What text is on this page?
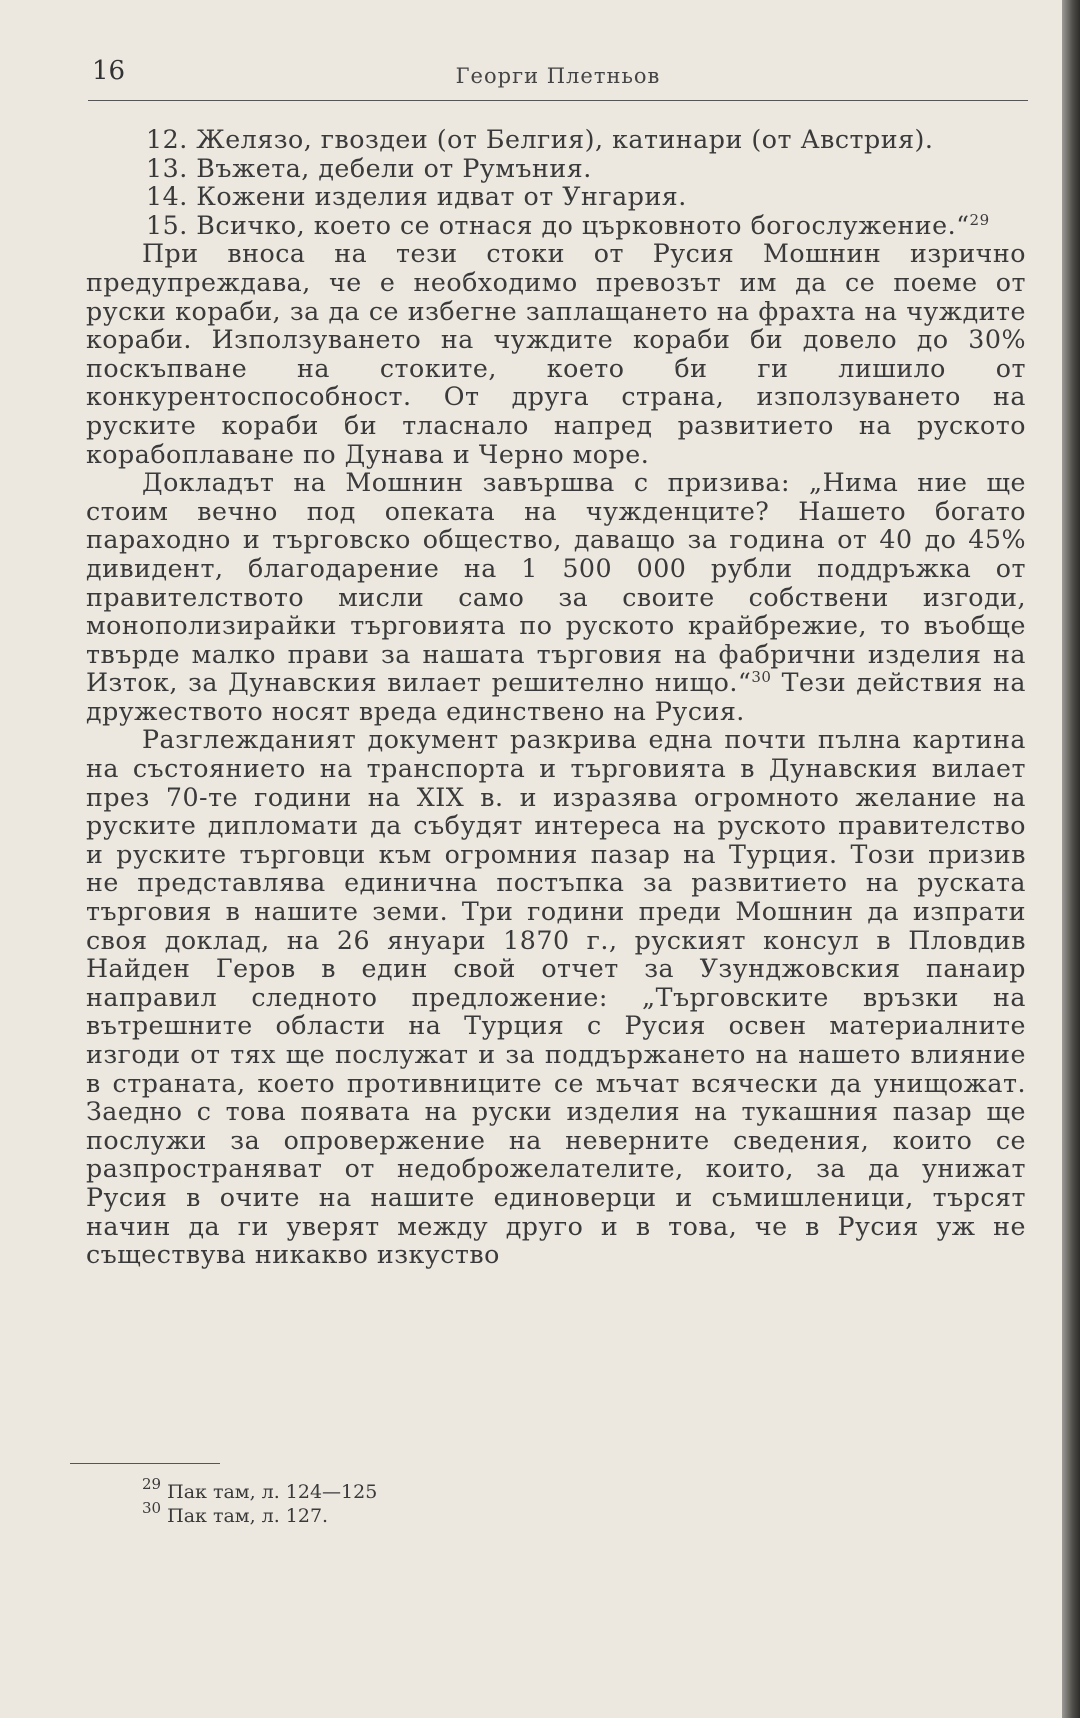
16	Георги Плетньов

12. Желязо, гвоздеи (от Белгия), катинари (от Австрия).

13. Въжета, дебели от Румъния.

14. Кожени изделия идват от Унгария.

15. Всичко, което се отнася до църковното богослужение.“$^{29}$

При вноса на тези стоки от Русия Мошнин изрично предупреждава, че е необходимо превозът им да се поеме от руски кораби, за да се избегне заплащането на фрахта на чуждите кораби. Използуването на чуждите кораби би довело до 30% поскъпване на стоките, което би ги лишило от конкурентоспособност. От друга страна, използуването на руските кораби би тласнало напред развитието на руското корабоплаване по Дунава и Черно море.

Докладът на Мошнин завършва с призива: „Нима ние ще стоим вечно под опеката на чужденците? Нашето богато параходно и търговско общество, даващо за година от 40 до 45% дивидент, благодарение на 1 500 000 рубли поддръжка от правителството мисли само за своите собствени изгоди, монополизирайки търговията по руското крайбрежие, то въобще твърде малко прави за нашата търговия на фабрични изделия на Изток, за Дунавския вилает решително нищо.“$^{30}$ Тези действия на дружеството носят вреда единствено на Русия.

Разглежданият документ разкрива една почти пълна картина на състоянието на транспорта и търговията в Дунавския вилает през 70-те години на XIX в. и изразява огромното желание на руските дипломати да събудят интереса на руското правителство и руските търговци към огромния пазар на Турция. Този призив не представлява единична постъпка за развитието на руската търговия в нашите земи. Три години преди Мошнин да изпрати своя доклад, на 26 януари 1870 г., руският консул в Пловдив Найден Геров в един свой отчет за Узунджовския панаир направил следното предложение: „Търговските връзки на вътрешните области на Турция с Русия освен материалните изгоди от тях ще послужат и за поддържането на нашето влияние в страната, което противниците се мъчат всячески да унищожат. Заедно с това появата на руски изделия на тукашния пазар ще послужи за опровержение на неверните сведения, които се разпространяват от недоброжелателите, които, за да унижат Русия в очите на нашите единоверци и съмишленици, търсят начин да ги уверят между друго и в това, че в Русия уж не съществува никакво изкуство

$^{29}$ Пак там, л. 124—125

$^{30}$ Пак там, л. 127.
